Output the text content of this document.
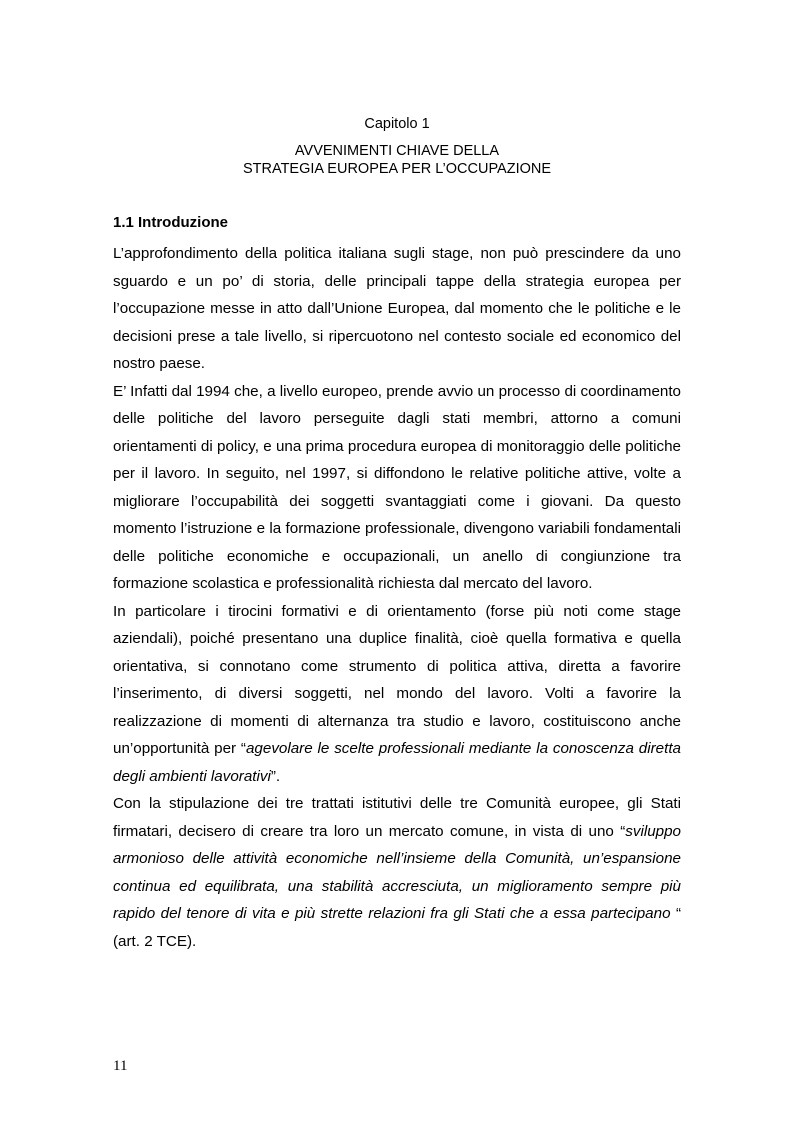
Capitolo 1
AVVENIMENTI CHIAVE DELLA
STRATEGIA EUROPEA PER L’OCCUPAZIONE
1.1 Introduzione

L’approfondimento della politica italiana sugli stage, non può prescindere da uno sguardo e un po’ di storia, delle principali tappe della strategia europea per l’occupazione messe in atto dall’Unione Europea, dal momento che le politiche e le decisioni prese a tale livello, si ripercuotono nel contesto sociale ed economico del nostro paese.

E’ Infatti dal 1994 che, a livello europeo, prende avvio un processo di coordinamento delle politiche del lavoro perseguite dagli stati membri, attorno a comuni orientamenti di policy, e una prima procedura europea di monitoraggio delle politiche per il lavoro. In seguito, nel 1997, si diffondono le relative politiche attive, volte a migliorare l’occupabilità dei soggetti svantaggiati come i giovani. Da questo momento l’istruzione e la formazione professionale, divengono variabili fondamentali delle politiche economiche e occupazionali, un anello di congiunzione tra formazione scolastica e professionalità richiesta dal mercato del lavoro.

In particolare i tirocini formativi e di orientamento (forse più noti come stage aziendali), poiché presentano una duplice finalità, cioè quella formativa e quella orientativa, si connotano come strumento di politica attiva, diretta a favorire l’inserimento, di diversi soggetti, nel mondo del lavoro. Volti a favorire la realizzazione di momenti di alternanza tra studio e lavoro, costituiscono anche un’opportunità per “agevolare le scelte professionali mediante la conoscenza diretta degli ambienti lavorativi”.

Con la stipulazione dei tre trattati istitutivi delle tre Comunità europee, gli Stati firmatari, decisero di creare tra loro un mercato comune, in vista di uno “sviluppo armonioso delle attività economiche nell’insieme della Comunità, un’espansione continua ed equilibrata, una stabilità accresciuta, un miglioramento sempre più rapido del tenore di vita e più strette relazioni fra gli Stati che a essa partecipano “ (art. 2 TCE).

11
